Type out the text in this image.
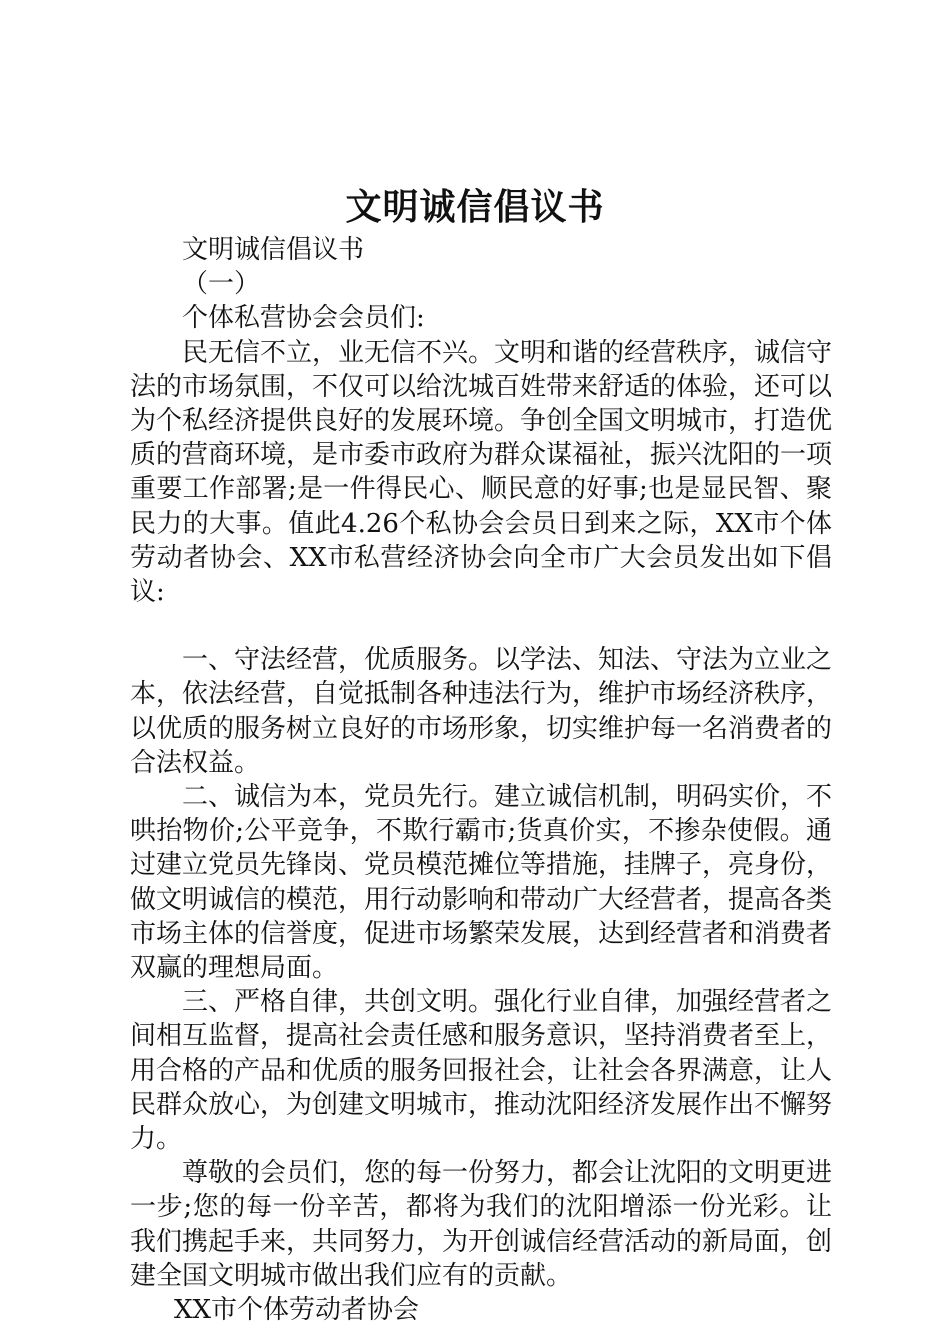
文明诚信倡议书

文明诚信倡议书

（一）

个体私营协会会员们:

民无信不立，业无信不兴。文明和谐的经营秩序，诚信守法的市场氛围，不仅可以给沈城百姓带来舒适的体验，还可以为个私经济提供良好的发展环境。争创全国文明城市，打造优质的营商环境，是市委市政府为群众谋福祉，振兴沈阳的一项重要工作部署;是一件得民心、顺民意的好事;也是显民智、聚民力的大事。值此4.26个私协会会员日到来之际，XX市个体劳动者协会、XX市私营经济协会向全市广大会员发出如下倡议:

一、守法经营，优质服务。以学法、知法、守法为立业之本，依法经营，自觉抵制各种违法行为，维护市场经济秩序，以优质的服务树立良好的市场形象，切实维护每一名消费者的合法权益。

二、诚信为本，党员先行。建立诚信机制，明码实价，不哄抬物价;公平竞争，不欺行霸市;货真价实，不掺杂使假。通过建立党员先锋岗、党员模范摊位等措施，挂牌子，亮身份，做文明诚信的模范，用行动影响和带动广大经营者，提高各类市场主体的信誉度，促进市场繁荣发展，达到经营者和消费者双赢的理想局面。

三、严格自律，共创文明。强化行业自律，加强经营者之间相互监督，提高社会责任感和服务意识，坚持消费者至上，用合格的产品和优质的服务回报社会，让社会各界满意，让人民群众放心，为创建文明城市，推动沈阳经济发展作出不懈努力。

尊敬的会员们，您的每一份努力，都会让沈阳的文明更进一步;您的每一份辛苦，都将为我们的沈阳增添一份光彩。让我们携起手来，共同努力，为开创诚信经营活动的新局面，创建全国文明城市做出我们应有的贡献。

XX市个体劳动者协会
